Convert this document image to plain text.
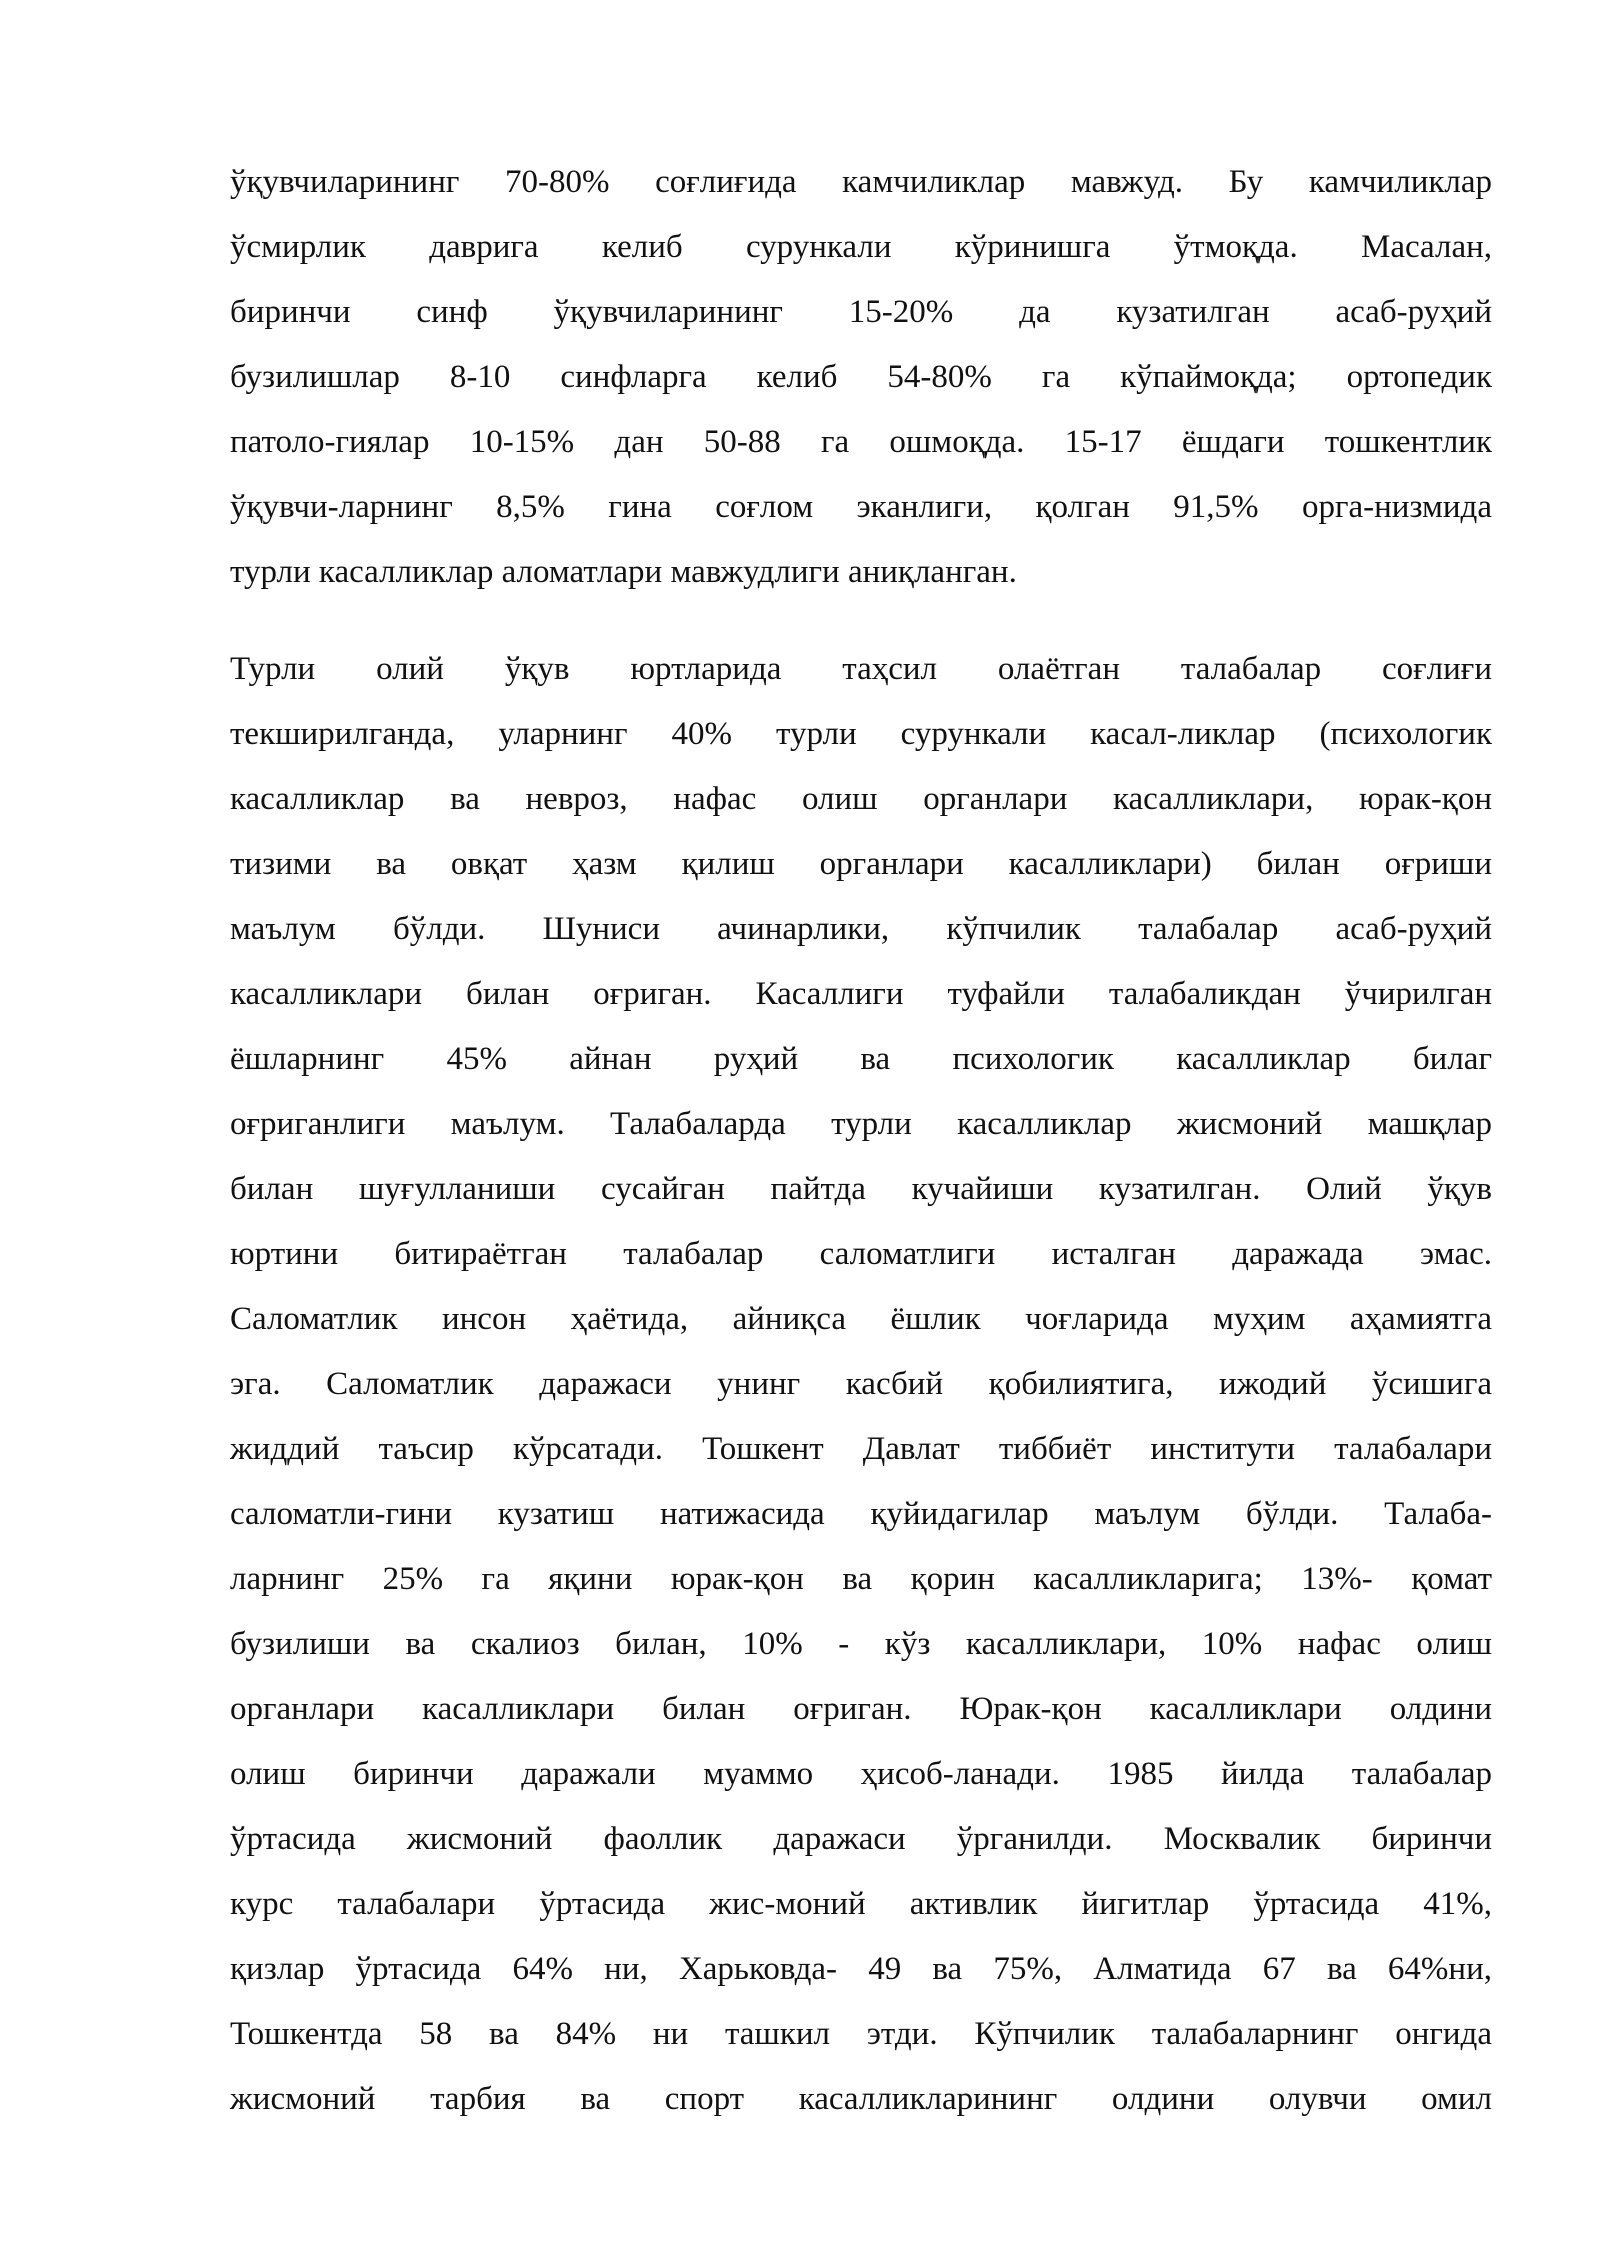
ўқувчиларининг 70-80% соғлиғида камчиликлар мавжуд. Бу камчиликлар
ўсмирлик даврига келиб сурункали кўринишга ўтмоқда. Масалан,
биринчи синф ўқувчиларининг 15-20% да кузатилган асаб-руҳий
бузилишлар 8-10 синфларга келиб 54-80% га кўпаймоқда; ортопедик
патоло-гиялар 10-15% дан 50-88 га ошмоқда. 15-17 ёшдаги тошкентлик
ўқувчи-ларнинг 8,5% гина соғлом эканлиги, қолган 91,5% орга-низмида
турли касалликлар аломатлари мавжудлиги аниқланган.
Турли олий ўқув юртларида таҳсил олаётган талабалар соғлиғи
текширилганда, уларнинг 40% турли сурункали касал-ликлар (психологик
касалликлар ва невроз, нафас олиш органлари касалликлари, юрак-қон
тизими ва овқат ҳазм қилиш органлари касалликлари) билан оғриши
маълум бўлди. Шуниси ачинарлики, кўпчилик талабалар асаб-руҳий
касалликлари билан оғриган. Касаллиги туфайли талабаликдан ўчирилган
ёшларнинг 45% айнан руҳий ва психологик касалликлар билаг
оғриганлиги маълум. Талабаларда турли касалликлар жисмоний машқлар
билан шуғулланиши сусайган пайтда кучайиши кузатилган. Олий ўқув
юртини битираётган талабалар саломатлиги исталган даражада эмас.
Саломатлик инсон ҳаётида, айниқса ёшлик чоғларида муҳим аҳамиятга
эга. Саломатлик даражаси унинг касбий қобилиятига, ижодий ўсишига
жиддий таъсир кўрсатади. Тошкент Давлат тиббиёт институти талабалари
саломатли-гини кузатиш натижасида қуйидагилар маълум бўлди. Талаба-
ларнинг 25% га яқини юрак-қон ва қорин касалликларига; 13%- қомат
бузилиши ва скалиоз билан, 10% - кўз касалликлари, 10% нафас олиш
органлари касалликлари билан оғриган. Юрак-қон касалликлари олдини
олиш биринчи даражали муаммо ҳисоб-ланади. 1985 йилда талабалар
ўртасида жисмоний фаоллик даражаси ўрганилди. Москвалик биринчи
курс талабалари ўртасида жис-моний активлик йигитлар ўртасида 41%,
қизлар ўртасида 64% ни, Харьковда- 49 ва 75%, Алматида 67 ва 64%ни,
Тошкентда 58 ва 84% ни ташкил этди. Кўпчилик талабаларнинг онгида
жисмоний тарбия ва спорт касалликларининг олдини олувчи омил
